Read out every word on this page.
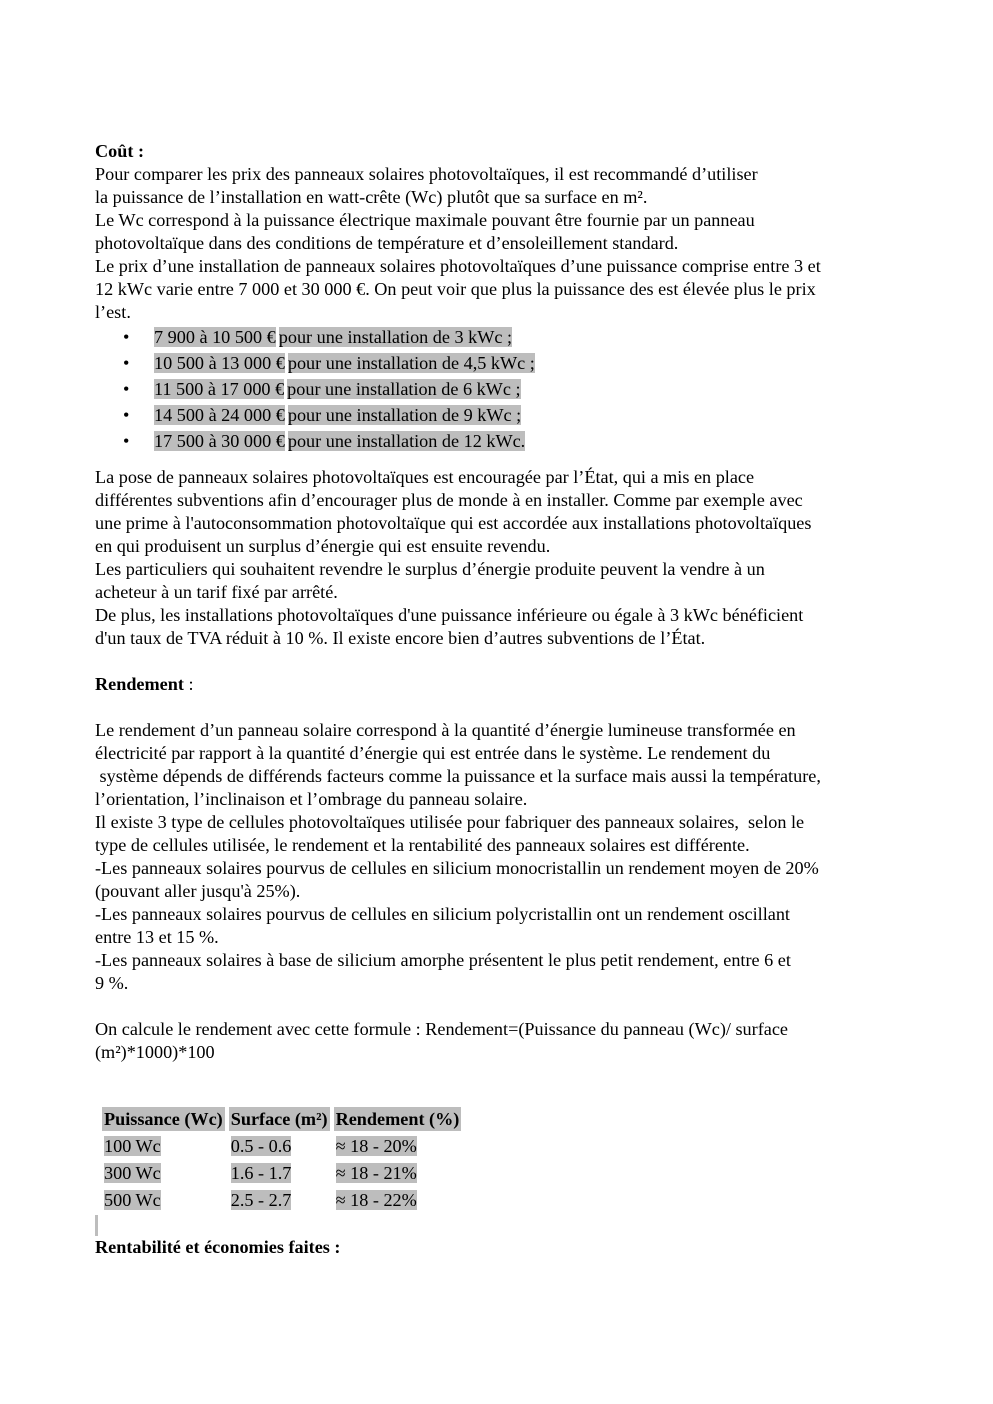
Coût :
Pour comparer les prix des panneaux solaires photovoltaïques, il est recommandé d’utiliser
la puissance de l’installation en watt-crête (Wc) plutôt que sa surface en m².
Le Wc correspond à la puissance électrique maximale pouvant être fournie par un panneau
photovoltaïque dans des conditions de température et d’ensoleillement standard.
Le prix d’une installation de panneaux solaires photovoltaïques d’une puissance comprise entre 3 et
12 kWc varie entre 7 000 et 30 000 €. On peut voir que plus la puissance des est élevée plus le prix
l’est.
• 7 900 à 10 500 € pour une installation de 3 kWc ;
• 10 500 à 13 000 € pour une installation de 4,5 kWc ;
• 11 500 à 17 000 € pour une installation de 6 kWc ;
• 14 500 à 24 000 € pour une installation de 9 kWc ;
• 17 500 à 30 000 € pour une installation de 12 kWc.
La pose de panneaux solaires photovoltaïques est encouragée par l’État, qui a mis en place
différentes subventions afin d’encourager plus de monde à en installer. Comme par exemple avec
une prime à l'autoconsommation photovoltaïque qui est accordée aux installations photovoltaïques
en qui produisent un surplus d’énergie qui est ensuite revendu.
Les particuliers qui souhaitent revendre le surplus d’énergie produite peuvent la vendre à un
acheteur à un tarif fixé par arrêté.
De plus, les installations photovoltaïques d'une puissance inférieure ou égale à 3 kWc bénéficient
d'un taux de TVA réduit à 10 %. Il existe encore bien d’autres subventions de l’État.
Rendement :
Le rendement d’un panneau solaire correspond à la quantité d’énergie lumineuse transformée en
électricité par rapport à la quantité d’énergie qui est entrée dans le système. Le rendement du
système dépends de différends facteurs comme la puissance et la surface mais aussi la température,
l’orientation, l’inclinaison et l’ombrage du panneau solaire.
Il existe 3 type de cellules photovoltaïques utilisée pour fabriquer des panneaux solaires,  selon le
type de cellules utilisée, le rendement et la rentabilité des panneaux solaires est différente.
-Les panneaux solaires pourvus de cellules en silicium monocristallin un rendement moyen de 20%
(pouvant aller jusqu'à 25%).
-Les panneaux solaires pourvus de cellules en silicium polycristallin ont un rendement oscillant
entre 13 et 15 %.
-Les panneaux solaires à base de silicium amorphe présentent le plus petit rendement, entre 6 et
9 %.
On calcule le rendement avec cette formule : Rendement=(Puissance du panneau (Wc)/ surface
(m²)*1000)*100
Puissance (Wc)	Surface (m²)	Rendement (%)
100 Wc	0.5 - 0.6	≈ 18 - 20%
300 Wc	1.6 - 1.7	≈ 18 - 21%
500 Wc	2.5 - 2.7	≈ 18 - 22%
Rentabilité et économies faites :
